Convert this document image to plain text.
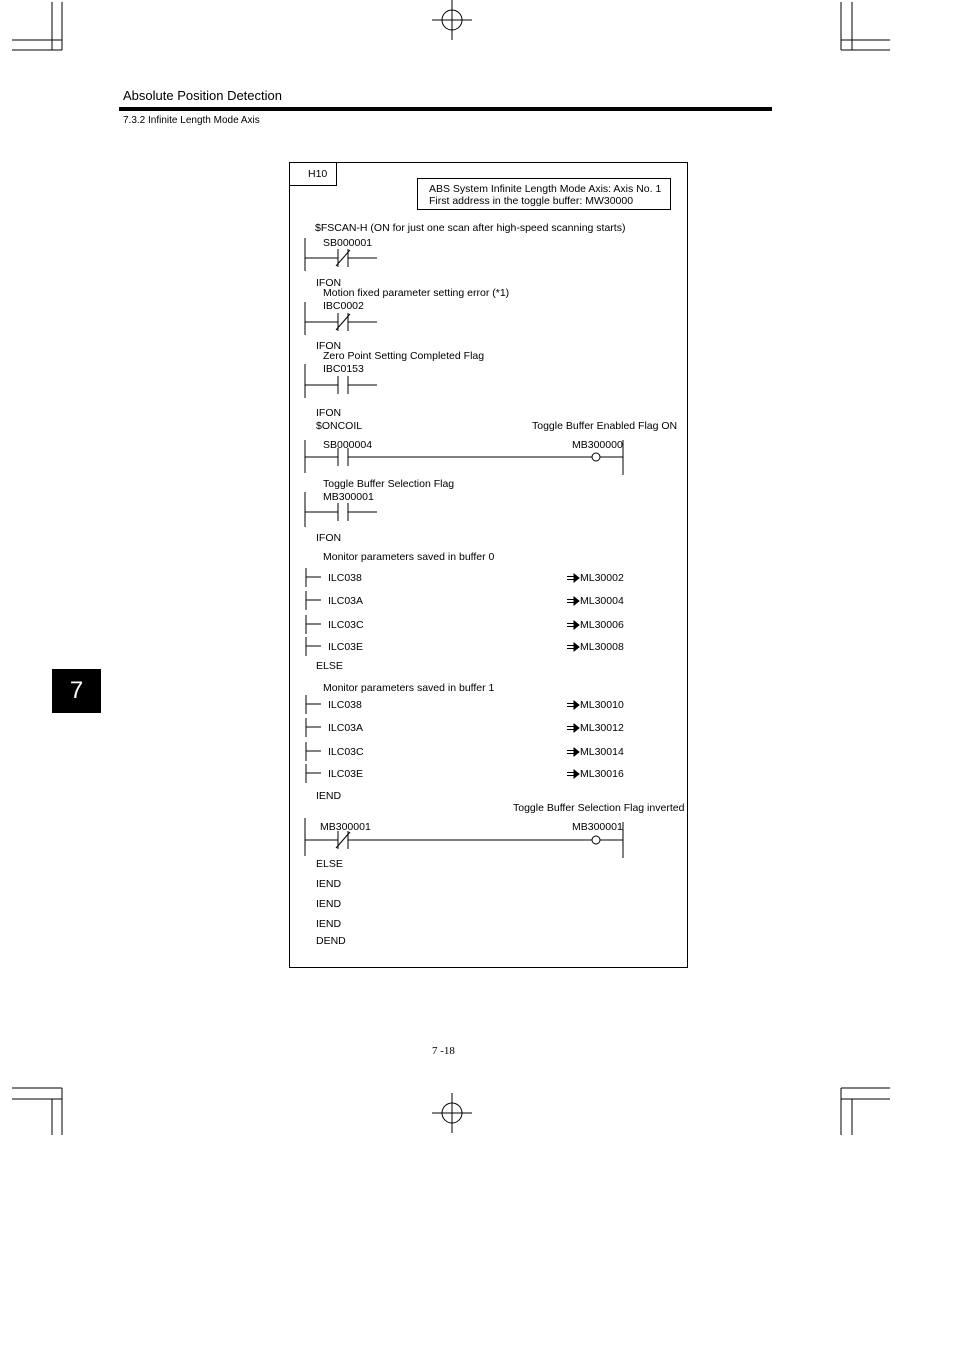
Absolute Position Detection
7.3.2 Infinite Length Mode Axis
H10
ABS System Infinite Length Mode Axis: Axis No. 1
First address in the toggle buffer: MW30000
$FSCAN-H (ON for just one scan after high-speed scanning starts)
SB000001
IFON
Motion fixed parameter setting error (*1)
IBC0002
IFON
Zero Point Setting Completed Flag
IBC0153
IFON
$ONCOIL	Toggle Buffer Enabled Flag ON
SB000004	MB300000
Toggle Buffer Selection Flag
MB300001
IFON
Monitor parameters saved in buffer 0
ILC038	ML30002
ILC03A	ML30004
ILC03C	ML30006
ILC03E	ML30008
ELSE
Monitor parameters saved in buffer 1
ILC038	ML30010
ILC03A	ML30012
ILC03C	ML30014
ILC03E	ML30016
IEND
Toggle Buffer Selection Flag inverted
MB300001	MB300001
ELSE
IEND
IEND
IEND
DEND
7
7 -18
